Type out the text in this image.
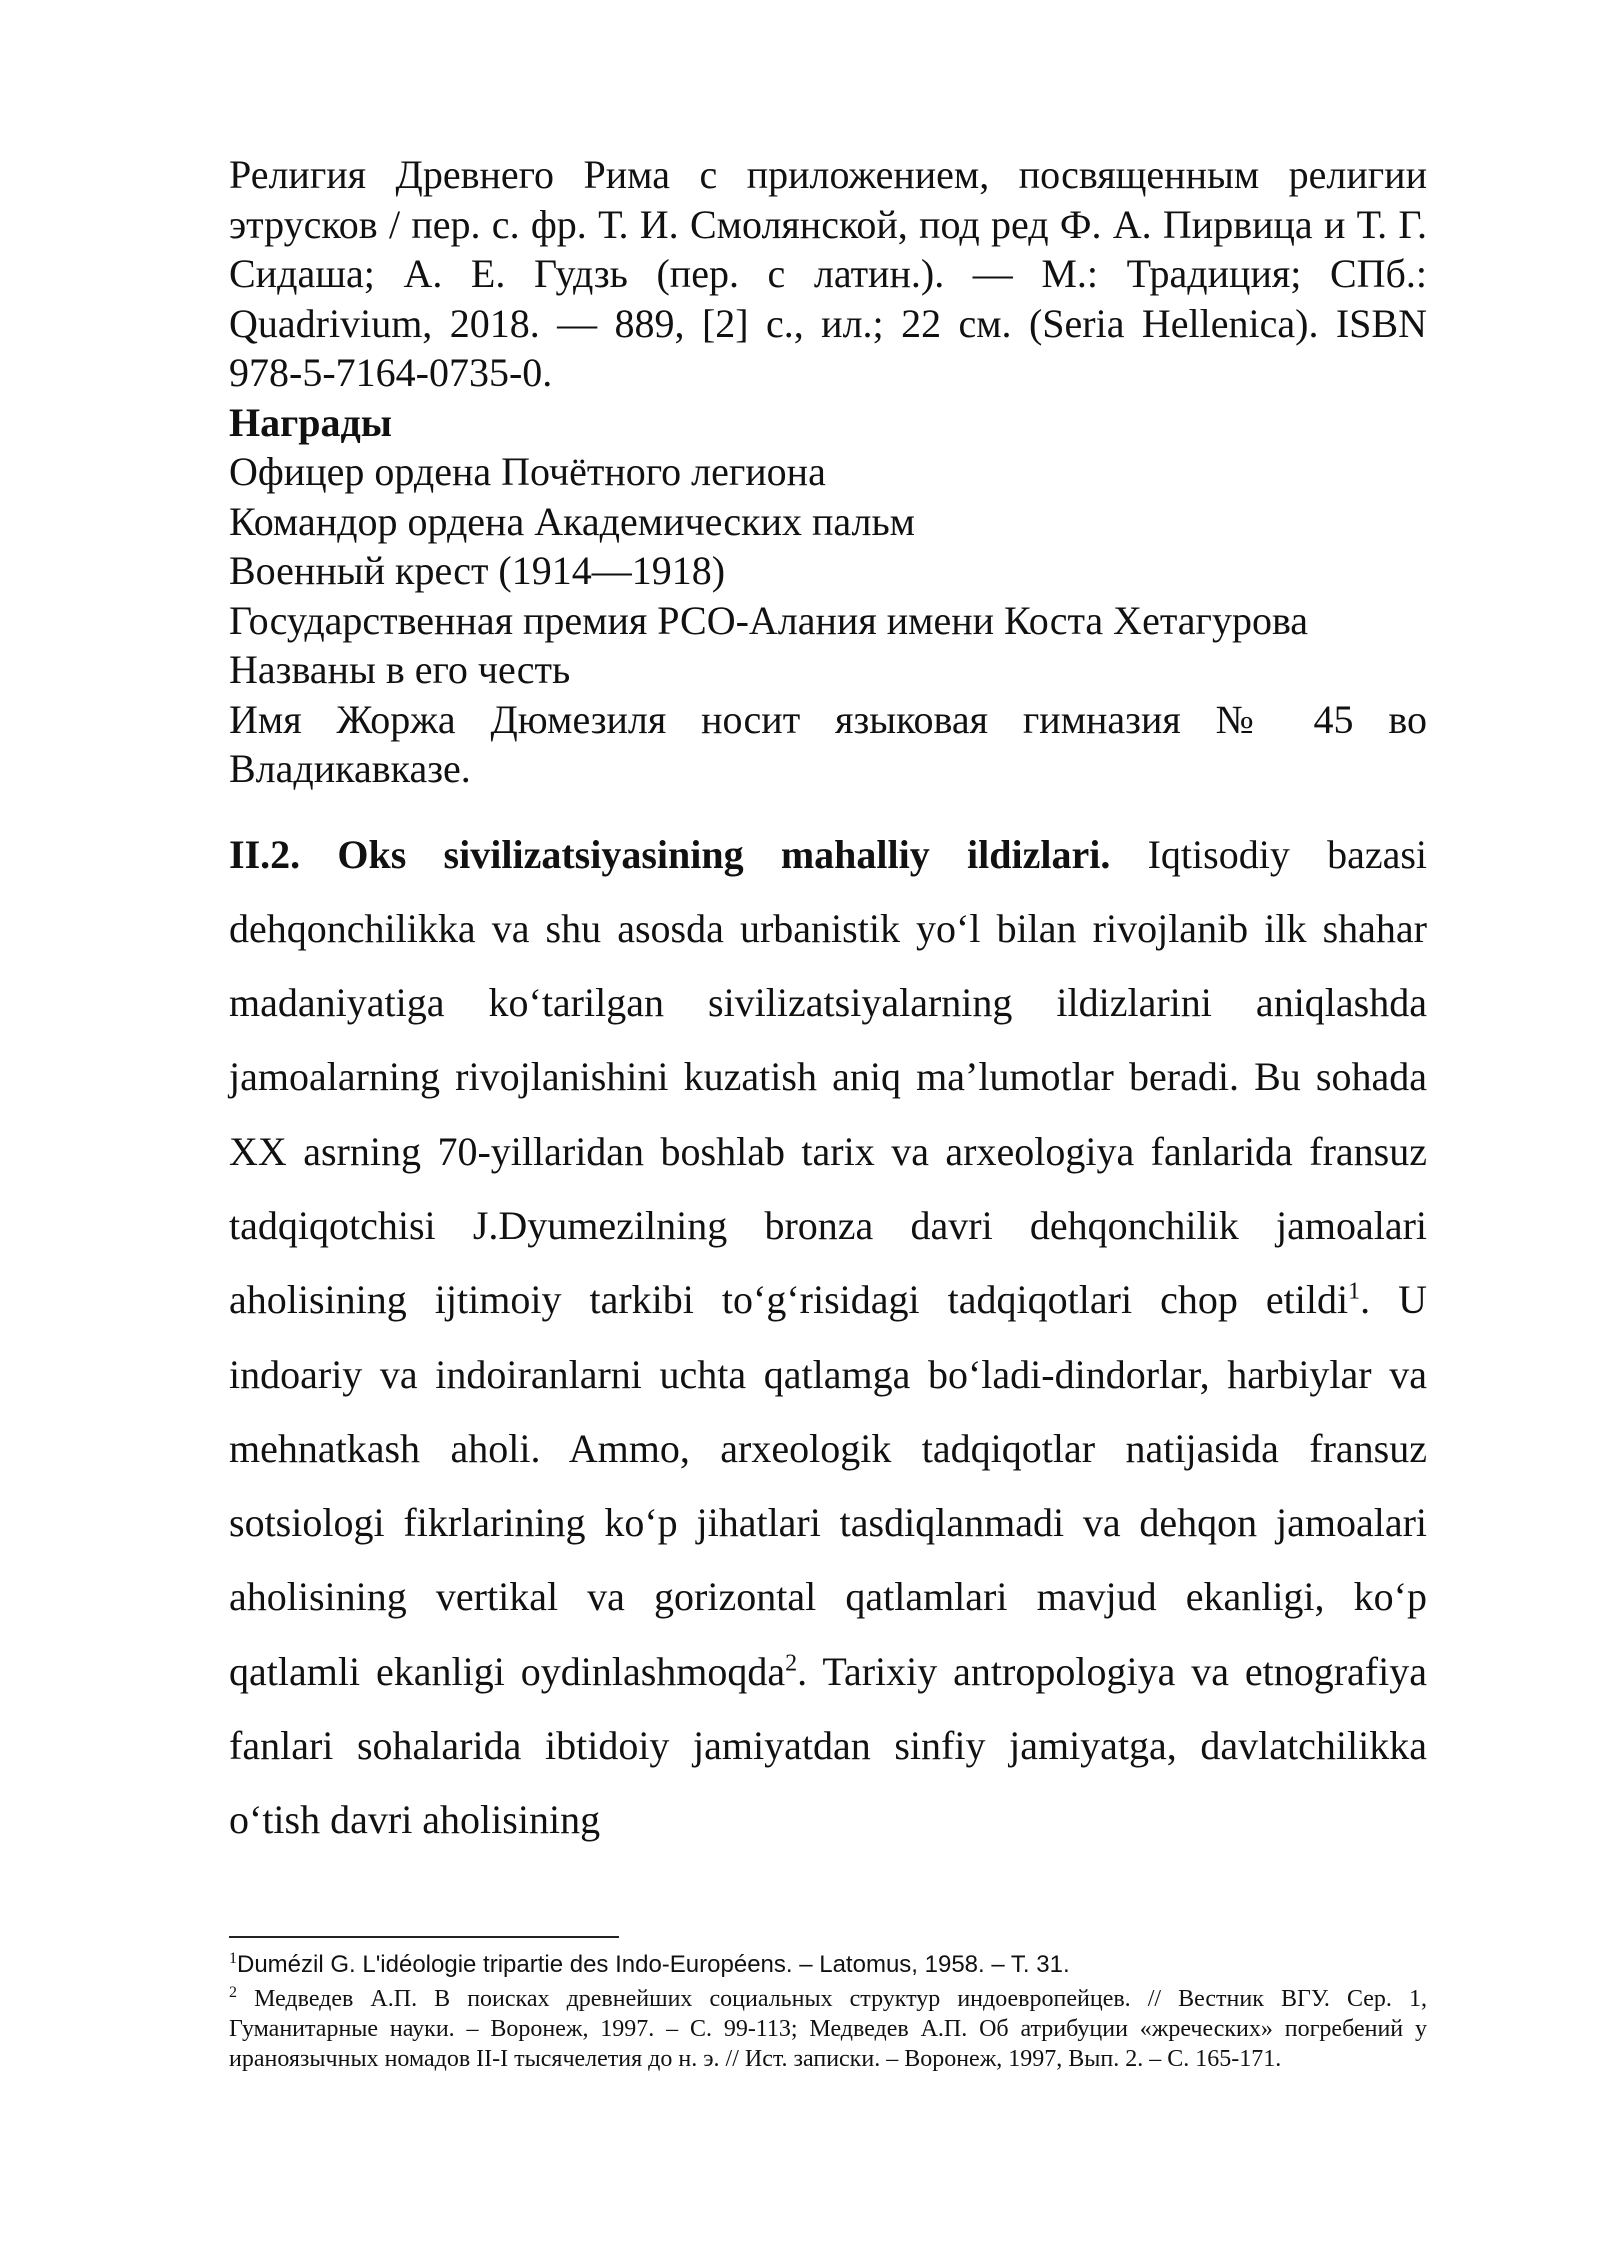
Религия Древнего Рима с приложением, посвященным религии этрусков / пер. с. фр. Т. И. Смолянской, под ред Ф. А. Пирвица и Т. Г. Сидаша; А. Е. Гудзь (пер. с латин.). — М.: Традиция; СПб.: Quadrivium, 2018. — 889, [2] с., ил.; 22 см. (Seria Hellenica). ISBN 978-5-7164-0735-0.

Награды

Офицер ордена Почётного легиона

Командор ордена Академических пальм

Военный крест (1914—1918)

Государственная премия РСО-Алания имени Коста Хетагурова

Названы в его честь

Имя Жоржа Дюмезиля носит языковая гимназия № 45 во Владикавказе.

II.2. Oks sivilizatsiyasining mahalliy ildizlari. Iqtisodiy bazasi dehqonchilikka va shu asosda urbanistik yo‘l bilan rivojlanib ilk shahar madaniyatiga ko‘tarilgan sivilizatsiyalarning ildizlarini aniqlashda jamoalarning rivojlanishini kuzatish aniq ma’lumotlar beradi. Bu sohada XX asrning 70-yillaridan boshlab tarix va arxeologiya fanlarida fransuz tadqiqotchisi J.Dyumezilning bronza davri dehqonchilik jamoalari aholisining ijtimoiy tarkibi to‘g‘risidagi tadqiqotlari chop etildi$^1$. U indoariy va indoiranlarni uchta qatlamga bo‘ladi-dindorlar, harbiylar va mehnatkash aholi. Ammo, arxeologik tadqiqotlar natijasida fransuz sotsiologi fikrlarining ko‘p jihatlari tasdiqlanmadi va dehqon jamoalari aholisining vertikal va gorizontal qatlamlari mavjud ekanligi, ko‘p qatlamli ekanligi oydinlashmoqda$^2$. Tarixiy antropologiya va etnografiya fanlari sohalarida ibtidoiy jamiyatdan sinfiy jamiyatga, davlatchilikka o‘tish davri aholisining

$^1$Dumézil G. L'idéologie tripartie des Indo-Européens. – Latomus, 1958. – T. 31.

$^2$ Медведев А.П. В поисках древнейших социальных структур индоевропейцев. // Вестник ВГУ. Сер. 1, Гуманитарные науки. – Воронеж, 1997. – С. 99-113; Медведев А.П. Об атрибуции «жреческих» погребений у ираноязычных номадов II-I тысячелетия до н. э. // Ист. записки. – Воронеж, 1997, Вып. 2. – С. 165-171.
